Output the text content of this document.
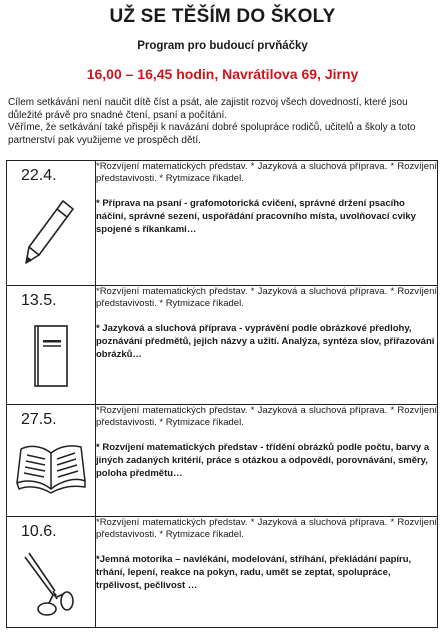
UŽ SE TĚŠÍM DO ŠKOLY
Program pro budoucí prvňáčky
16,00 – 16,45 hodin, Navrátilova 69, Jirny

Cílem setkávání není naučit dítě číst a psát, ale zajistit rozvoj všech dovedností, které jsou důležité právě pro snadné čtení, psaní a počítání.

Věříme, že setkávání také přispěji k navázání dobré spolupráce rodičů, učitelů a školy a toto partnerství pak využijeme ve prospěch dětí.

22.4.	*Rozvíjení matematických představ. * Jazyková a sluchová příprava. * Rozvíjení představivosti. * Rytmizace říkadel.

* Příprava na psaní - grafomotorická cvičení, správné držení psacího náčiní, správné sezení, uspořádání pracovního místa, uvolňovací cviky spojené s říkankami…

13.5.	*Rozvíjení matematických představ. * Jazyková a sluchová příprava. * Rozvíjení představivosti. * Rytmizace říkadel.

* Jazyková a sluchová příprava - vyprávění podle obrázkové předlohy, poznávání předmětů, jejich názvy a užití. Analýza, syntéza slov, přiřazování obrázků…

27.5.	*Rozvíjení matematických představ. * Jazyková a sluchová příprava. * Rozvíjení představivosti. * Rytmizace říkadel.

* Rozvíjení matematických představ - třídění obrázků podle počtu, barvy a jiných zadaných kritérií, práce s otázkou a odpovědí, porovnávání, směry, poloha předmětu…

10.6.	*Rozvíjení matematických představ. * Jazyková a sluchová příprava. * Rozvíjení představivosti. * Rytmizace říkadel.

*Jemná motorika – navlékání, modelování, stříhání, překládání papíru, trhání, lepení, reakce na pokyn, radu, umět se zeptat, spolupráce, trpělivost, pečlivost …
